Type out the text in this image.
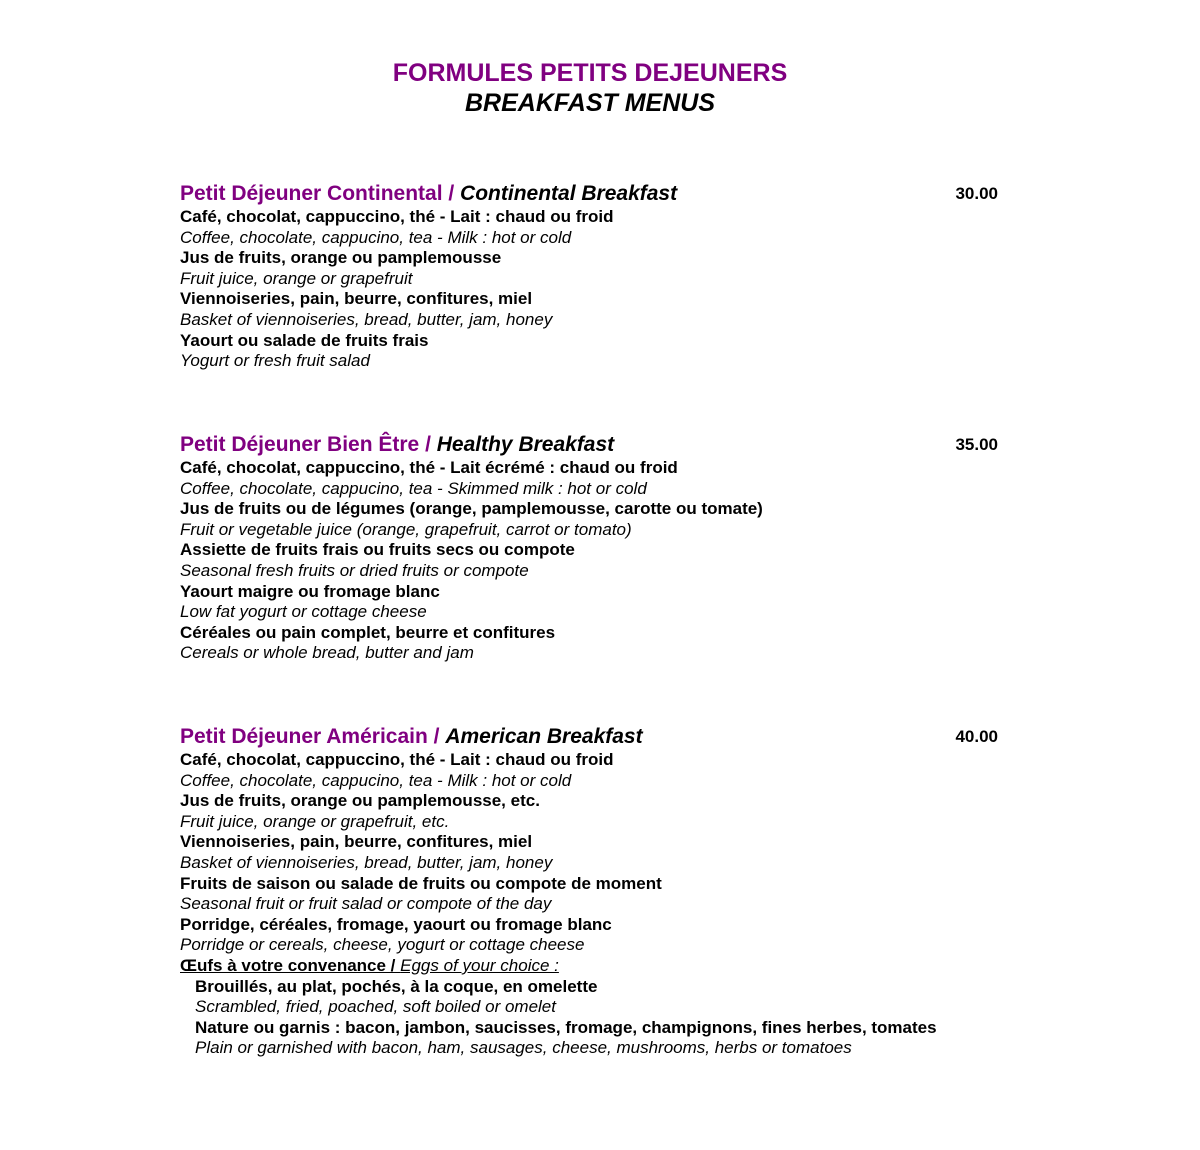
FORMULES PETITS DEJEUNERS
BREAKFAST MENUS
Petit Déjeuner Continental / Continental Breakfast	30.00
Café, chocolat, cappuccino, thé - Lait : chaud ou froid
Coffee, chocolate, cappucino, tea - Milk : hot or cold
Jus de fruits, orange ou pamplemousse
Fruit juice, orange or grapefruit
Viennoiseries, pain, beurre, confitures, miel
Basket of viennoiseries, bread, butter, jam, honey
Yaourt ou salade de fruits frais
Yogurt or fresh fruit salad
Petit Déjeuner Bien Être / Healthy Breakfast	35.00
Café, chocolat, cappuccino, thé - Lait écrémé : chaud ou froid
Coffee, chocolate, cappucino, tea - Skimmed milk : hot or cold
Jus de fruits ou de légumes (orange, pamplemousse, carotte ou tomate)
Fruit or vegetable juice (orange, grapefruit, carrot or tomato)
Assiette de fruits frais ou fruits secs ou compote
Seasonal fresh fruits or dried fruits or compote
Yaourt maigre ou fromage blanc
Low fat yogurt or cottage cheese
Céréales ou pain complet, beurre et confitures
Cereals or whole bread, butter and jam
Petit Déjeuner Américain / American Breakfast	40.00
Café, chocolat, cappuccino, thé - Lait : chaud ou froid
Coffee, chocolate, cappucino, tea - Milk : hot or cold
Jus de fruits, orange ou pamplemousse, etc.
Fruit juice, orange or grapefruit, etc.
Viennoiseries, pain, beurre, confitures, miel
Basket of viennoiseries, bread, butter, jam, honey
Fruits de saison ou salade de fruits ou compote de moment
Seasonal fruit or fruit salad or compote of the day
Porridge, céréales, fromage, yaourt ou fromage blanc
Porridge or cereals, cheese, yogurt or cottage cheese
Œufs à votre convenance / Eggs of your choice :
Brouillés, au plat, pochés, à la coque, en omelette
Scrambled, fried, poached, soft boiled or omelet
Nature ou garnis : bacon, jambon, saucisses, fromage, champignons, fines herbes, tomates
Plain or garnished with bacon, ham, sausages, cheese, mushrooms, herbs or tomatoes
